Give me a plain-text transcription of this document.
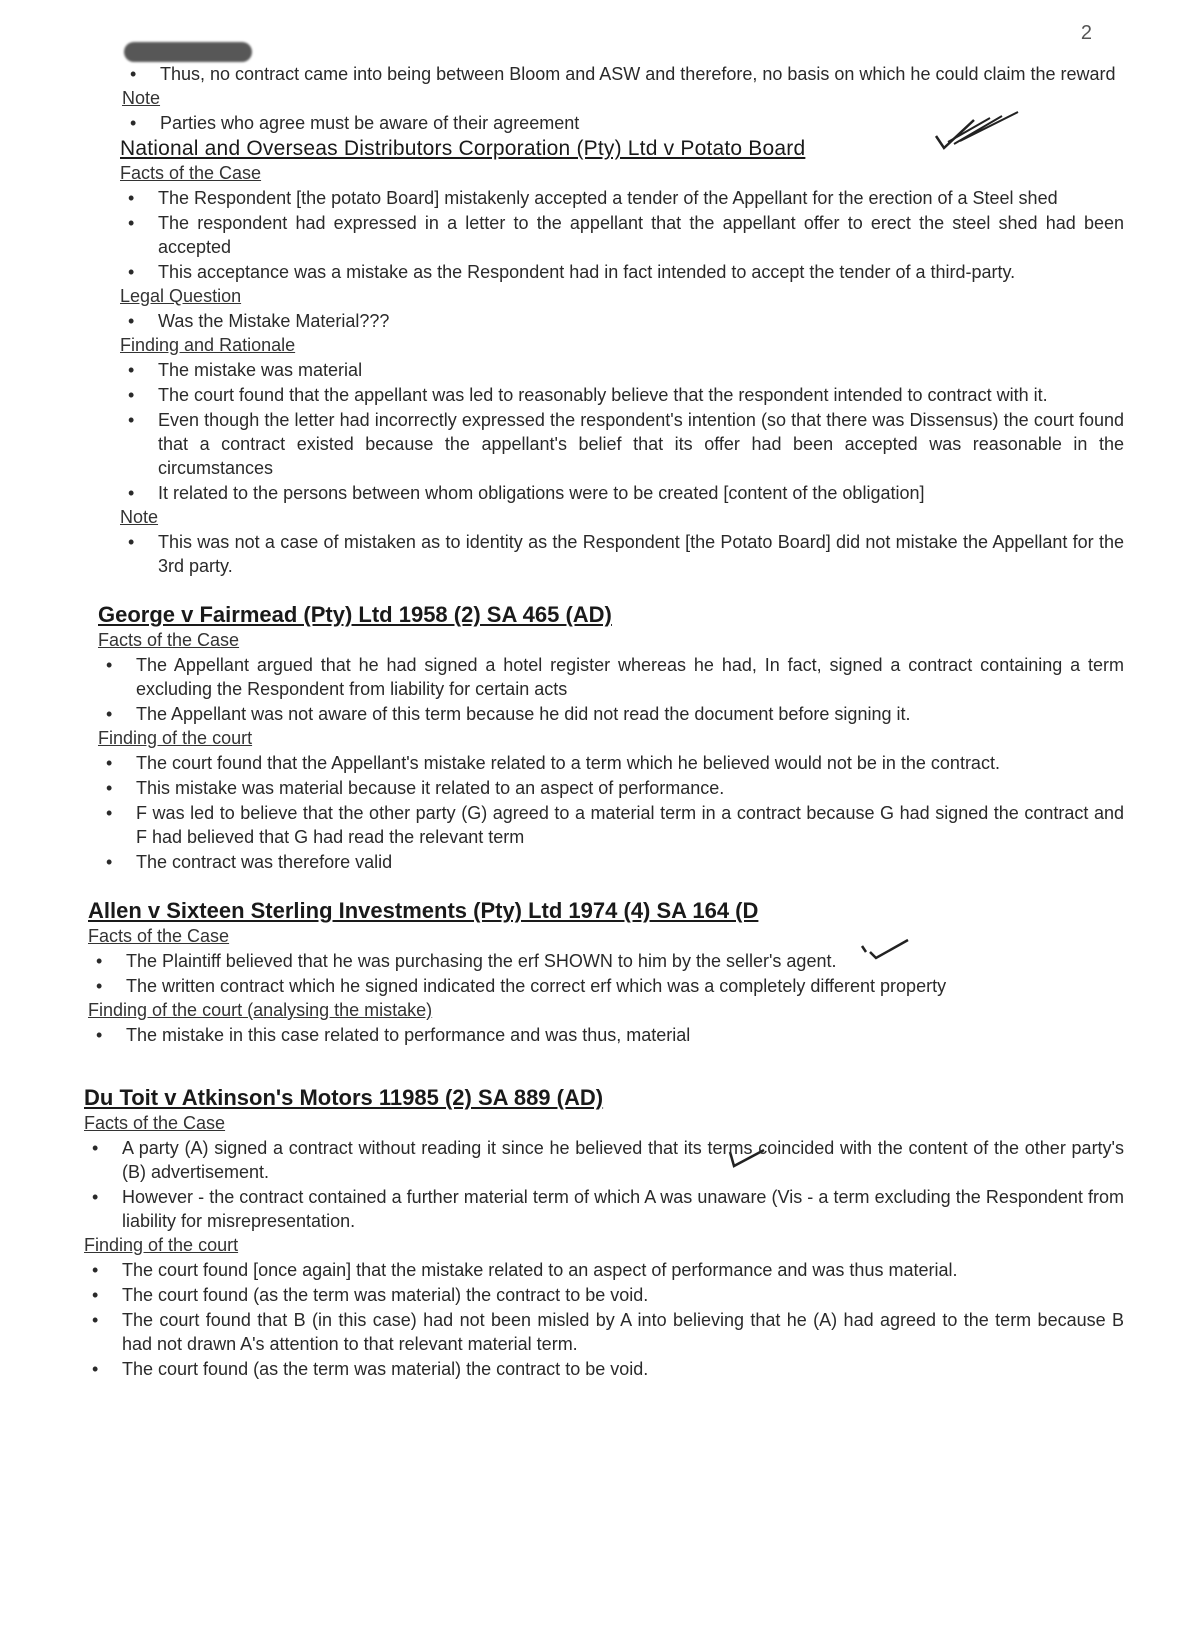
2
• Thus, no contract came into being between Bloom and ASW and therefore, no basis on which he could claim the reward
Note
• Parties who agree must be aware of their agreement
National and Overseas Distributors Corporation (Pty) Ltd v Potato Board
Facts of the Case
• The Respondent [the potato Board] mistakenly accepted a tender of the Appellant for the erection of a Steel shed
• The respondent had expressed in a letter to the appellant that the appellant offer to erect the steel shed had been accepted
• This acceptance was a mistake as the Respondent had in fact intended to accept the tender of a third-party.
Legal Question
• Was the Mistake Material???
Finding and Rationale
• The mistake was material
• The court found that the appellant was led to reasonably believe that the respondent intended to contract with it.
• Even though the letter had incorrectly expressed the respondent's intention (so that there was Dissensus) the court found that a contract existed because the appellant's belief that its offer had been accepted was reasonable in the circumstances
• It related to the persons between whom obligations were to be created [content of the obligation]
Note
• This was not a case of mistaken as to identity as the Respondent [the Potato Board] did not mistake the Appellant for the 3rd party.
George v Fairmead (Pty) Ltd 1958 (2) SA 465 (AD)
Facts of the Case
• The Appellant argued that he had signed a hotel register whereas he had, In fact, signed a contract containing a term excluding the Respondent from liability for certain acts
• The Appellant was not aware of this term because he did not read the document before signing it.
Finding of the court
• The court found that the Appellant's mistake related to a term which he believed would not be in the contract.
• This mistake was material because it related to an aspect of performance.
• F was led to believe that the other party (G) agreed to a material term in a contract because G had signed the contract and F had believed that G had read the relevant term
• The contract was therefore valid
Allen v Sixteen Sterling Investments (Pty) Ltd 1974 (4) SA 164 (D
Facts of the Case
• The Plaintiff believed that he was purchasing the erf SHOWN to him by the seller's agent.
• The written contract which he signed indicated the correct erf which was a completely different property
Finding of the court (analysing the mistake)
• The mistake in this case related to performance and was thus, material
Du Toit v Atkinson's Motors 11985 (2) SA 889 (AD)
Facts of the Case
• A party (A) signed a contract without reading it since he believed that its terms coincided with the content of the other party's (B) advertisement.
• However - the contract contained a further material term of which A was unaware (Vis - a term excluding the Respondent from liability for misrepresentation.
Finding of the court
• The court found [once again] that the mistake related to an aspect of performance and was thus material.
• The court found (as the term was material) the contract to be void.
• The court found that B (in this case) had not been misled by A into believing that he (A) had agreed to the term because B had not drawn A's attention to that relevant material term.
• The court found (as the term was material) the contract to be void.
